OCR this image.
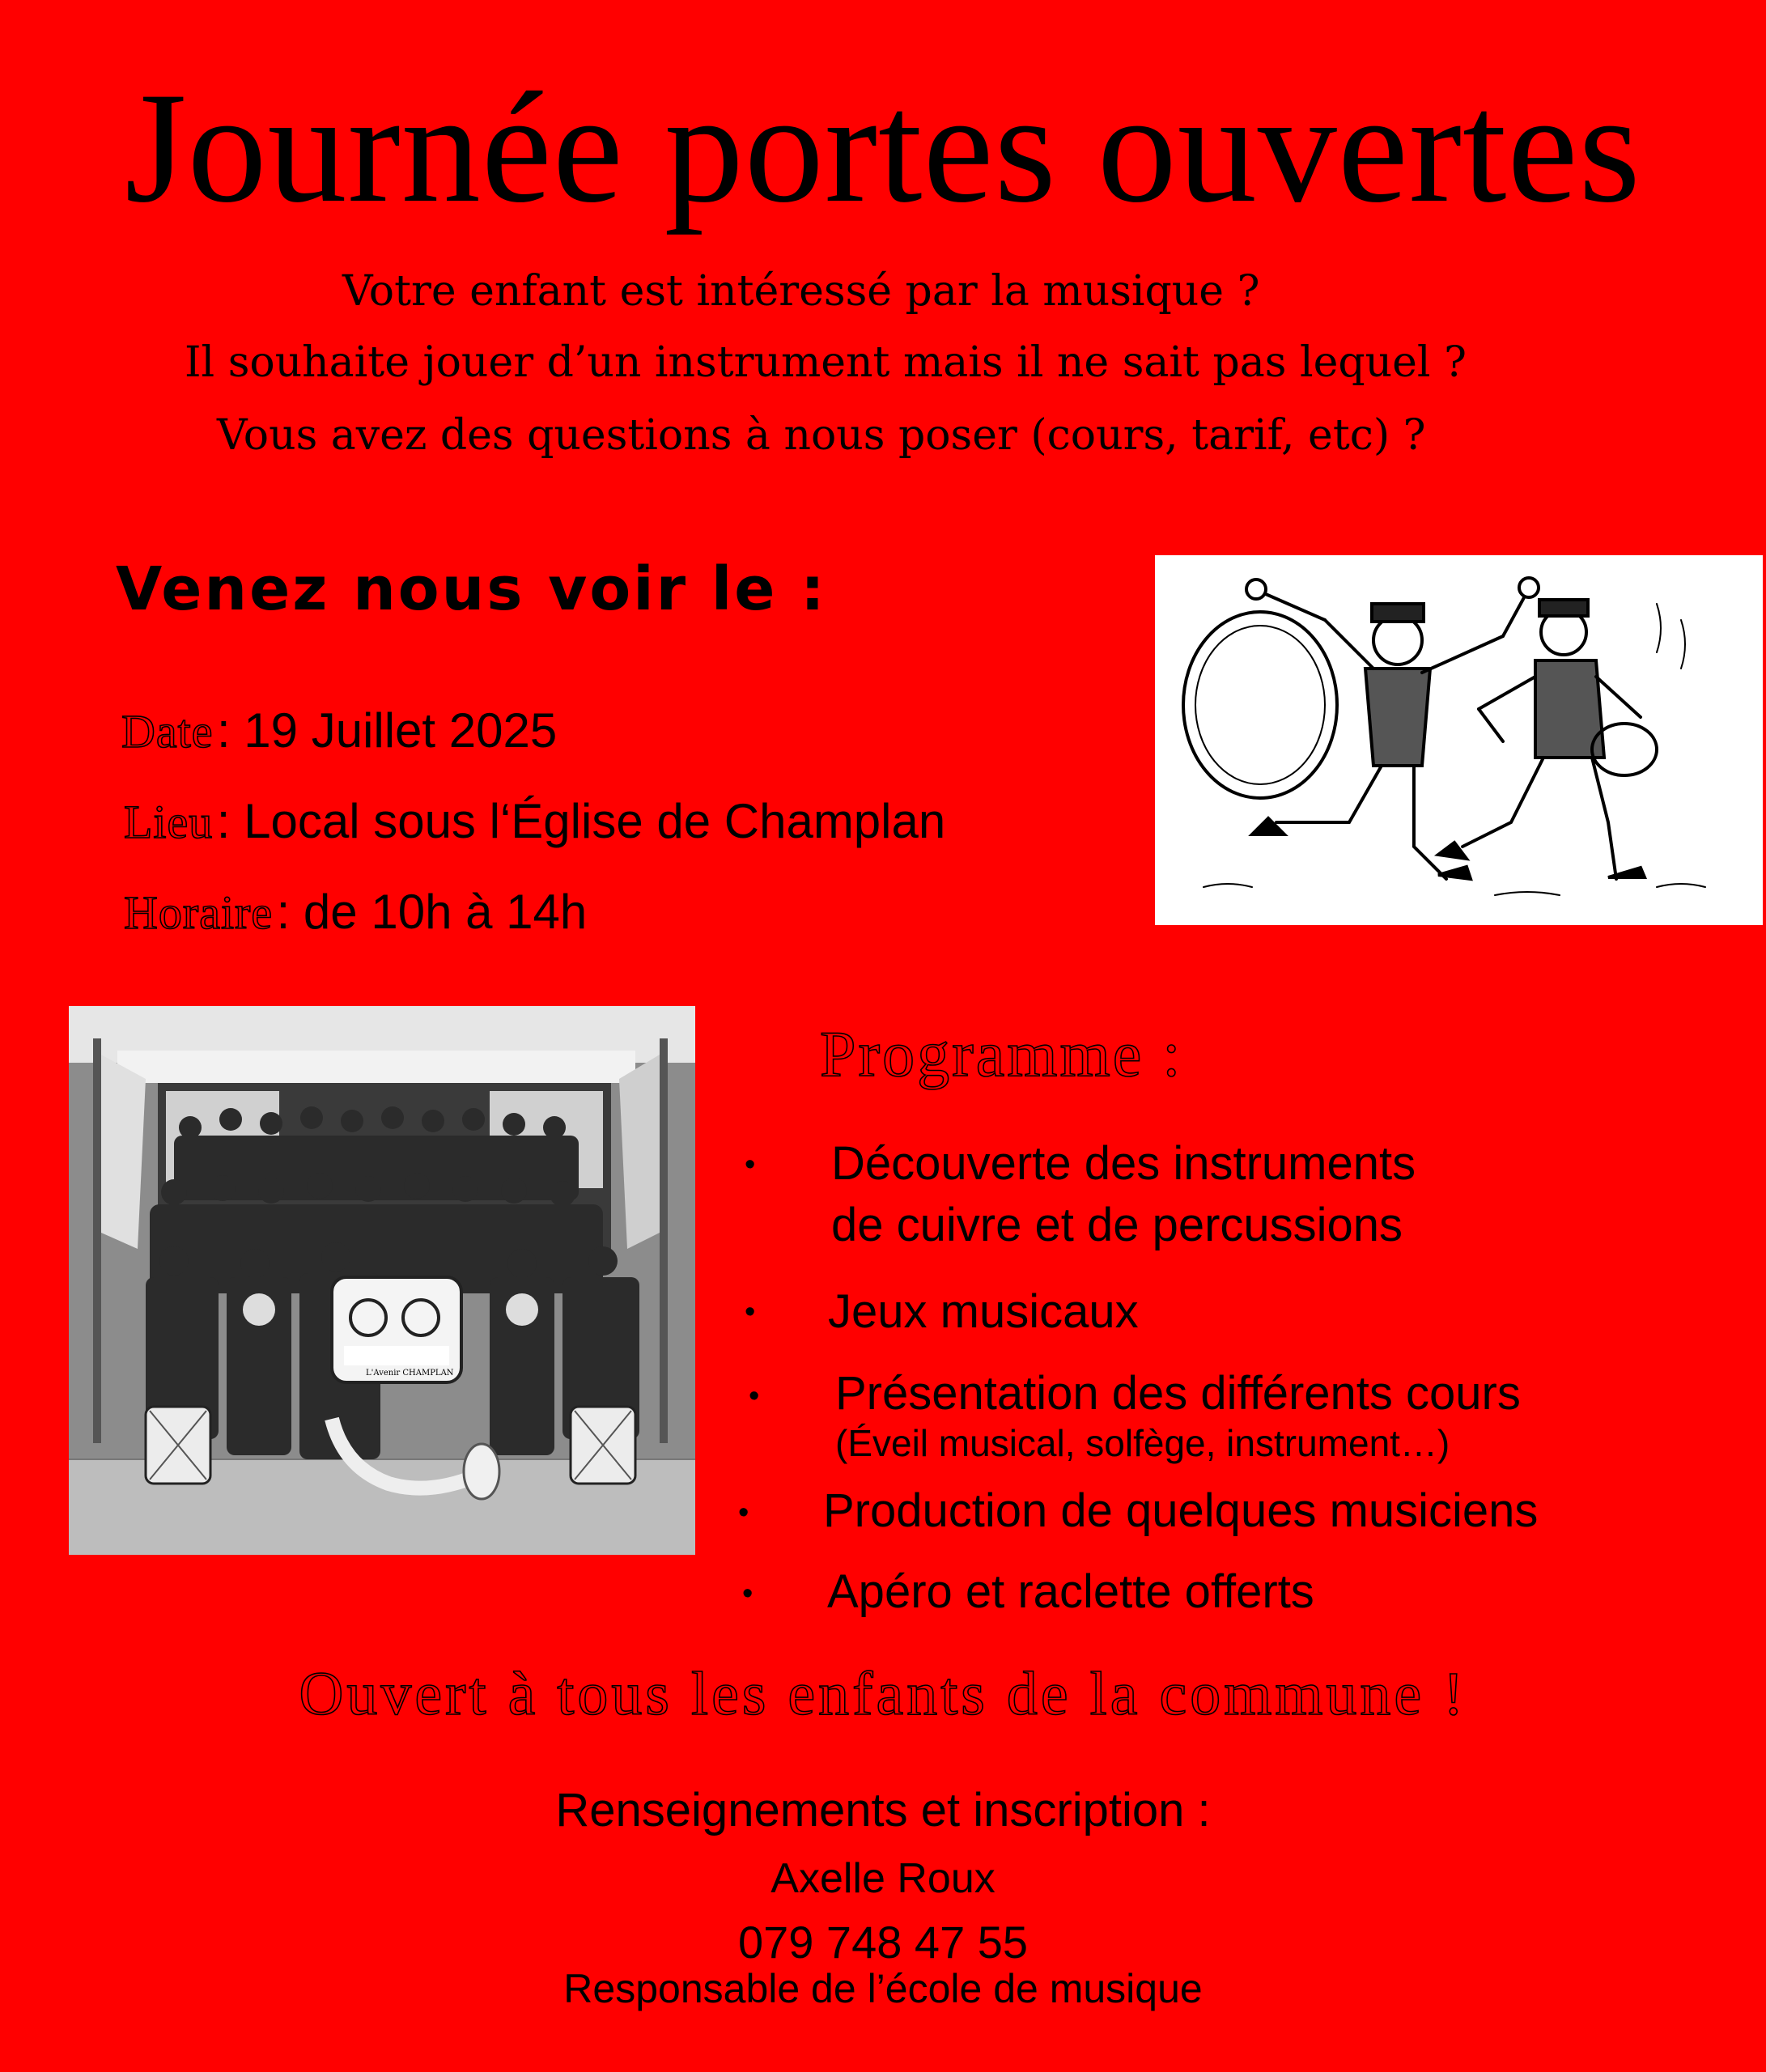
Journée portes ouvertes
Votre enfant est intéressé par la musique ?
Il souhaite jouer d’un instrument mais il ne sait pas lequel ?
Vous avez des questions à nous poser (cours, tarif, etc) ?
Venez nous voir le :
Date : 19 Juillet 2025
Lieu : Local sous l‘Église de Champlan
Horaire : de 10h à 14h
L'Avenir CHAMPLAN
Programme :
• Découverte des instruments
de cuivre et de percussions
• Jeux musicaux
• Présentation des différents cours
(Éveil musical, solfège, instrument…)
• Production de quelques musiciens
• Apéro et raclette offerts
Ouvert à tous les enfants de la commune !
Renseignements et inscription :
Axelle Roux
079 748 47 55
Responsable de l’école de musique
